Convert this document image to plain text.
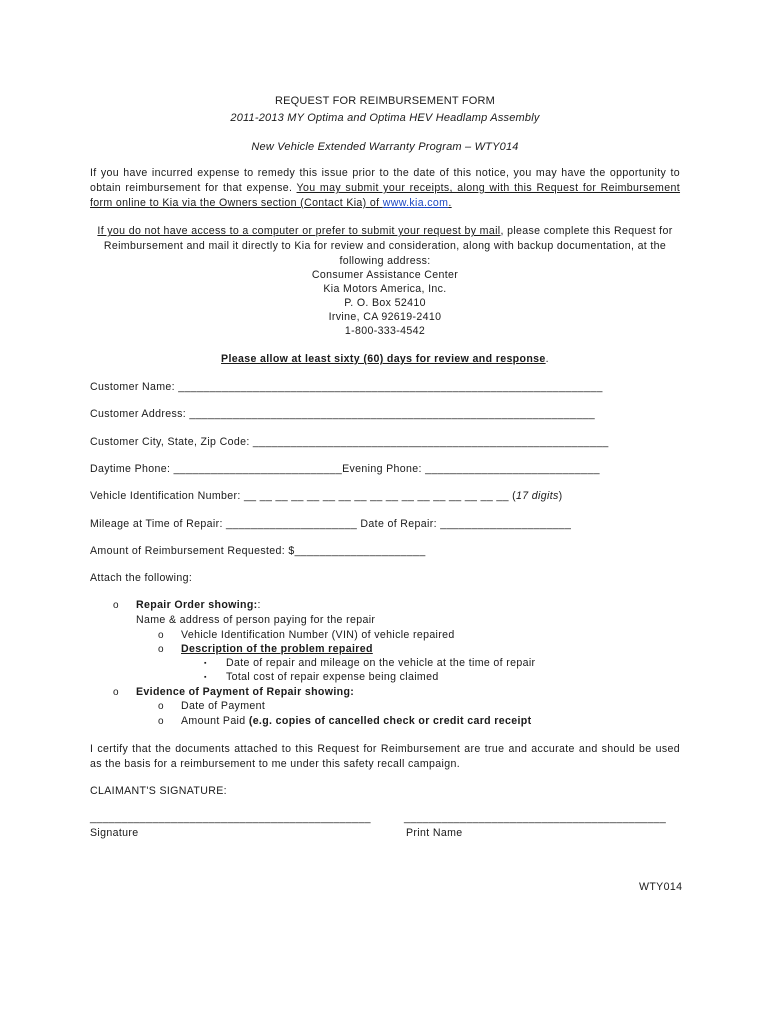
REQUEST FOR REIMBURSEMENT FORM
2011-2013 MY Optima and Optima HEV Headlamp Assembly
New Vehicle Extended Warranty Program – WTY014
If you have incurred expense to remedy this issue prior to the date of this notice, you may have the opportunity to obtain reimbursement for that expense. You may submit your receipts, along with this Request for Reimbursement form online to Kia via the Owners section (Contact Kia) of www.kia.com.
If you do not have access to a computer or prefer to submit your request by mail, please complete this Request for Reimbursement and mail it directly to Kia for review and consideration, along with backup documentation, at the following address:
Consumer Assistance Center
Kia Motors America, Inc.
P. O. Box 52410
Irvine, CA 92619-2410
1-800-333-4542
Please allow at least sixty (60) days for review and response.
Customer Name: ____________________________________________________________________
Customer Address: _________________________________________________________________
Customer City, State, Zip Code: _________________________________________________________
Daytime Phone: ___________________________Evening Phone: ____________________________
Vehicle Identification Number: __ __ __ __ __ __ __ __ __ __ __ __ __ __ __ __ __ (17 digits)
Mileage at Time of Repair: _____________________ Date of Repair: _____________________
Amount of Reimbursement Requested: $_____________________
Attach the following:
o Repair Order showing::
Name & address of person paying for the repair
o Vehicle Identification Number (VIN) of vehicle repaired
o Description of the problem repaired
▪ Date of repair and mileage on the vehicle at the time of repair
▪ Total cost of repair expense being claimed
o Evidence of Payment of Repair showing:
o Date of Payment
o Amount Paid (e.g. copies of cancelled check or credit card receipt
I certify that the documents attached to this Request for Reimbursement are true and accurate and should be used as the basis for a reimbursement to me under this safety recall campaign.
CLAIMANT'S SIGNATURE:
_____________________________________________	__________________________________________
Signature	Print Name
WTY014
